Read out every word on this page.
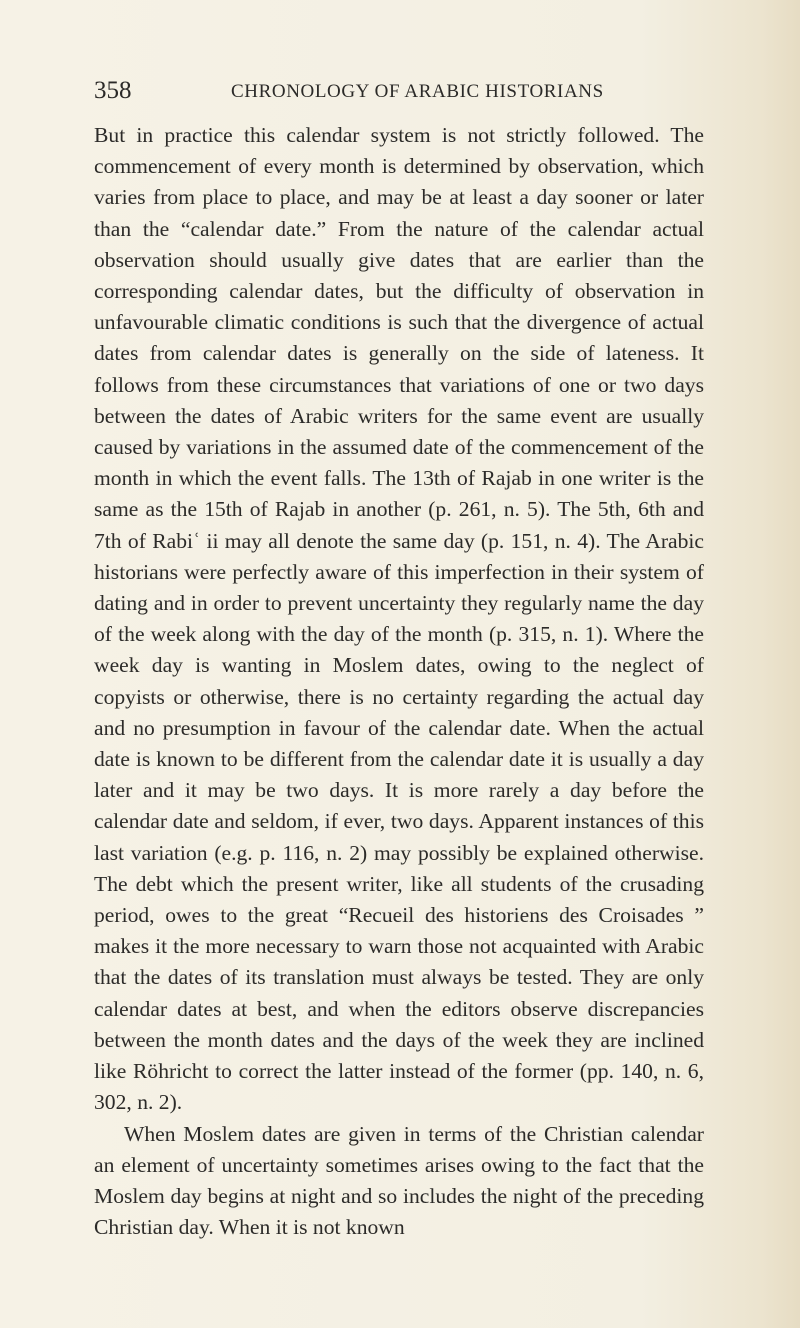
358	CHRONOLOGY OF ARABIC HISTORIANS

But in practice this calendar system is not strictly followed. The commencement of every month is determined by observation, which varies from place to place, and may be at least a day sooner or later than the “calendar date.” From the nature of the calendar actual observation should usually give dates that are earlier than the corresponding calendar dates, but the difficulty of observation in unfavourable climatic conditions is such that the divergence of actual dates from calendar dates is generally on the side of lateness. It follows from these circumstances that variations of one or two days between the dates of Arabic writers for the same event are usually caused by variations in the assumed date of the commencement of the month in which the event falls. The 13th of Rajab in one writer is the same as the 15th of Rajab in another (p. 261, n. 5). The 5th, 6th and 7th of Rabiʿ ii may all denote the same day (p. 151, n. 4). The Arabic historians were perfectly aware of this imperfection in their system of dating and in order to prevent uncertainty they regularly name the day of the week along with the day of the month (p. 315, n. 1). Where the week day is wanting in Moslem dates, owing to the neglect of copyists or otherwise, there is no certainty regarding the actual day and no presumption in favour of the calendar date. When the actual date is known to be different from the calendar date it is usually a day later and it may be two days. It is more rarely a day before the calendar date and seldom, if ever, two days. Apparent instances of this last variation (e.g. p. 116, n. 2) may possibly be explained otherwise. The debt which the present writer, like all students of the crusading period, owes to the great “Recueil des historiens des Croisades ” makes it the more necessary to warn those not acquainted with Arabic that the dates of its translation must always be tested. They are only calendar dates at best, and when the editors observe discrepancies between the month dates and the days of the week they are inclined like Röhricht to correct the latter instead of the former (pp. 140, n. 6, 302, n. 2).

When Moslem dates are given in terms of the Christian calendar an element of uncertainty sometimes arises owing to the fact that the Moslem day begins at night and so includes the night of the preceding Christian day. When it is not known
